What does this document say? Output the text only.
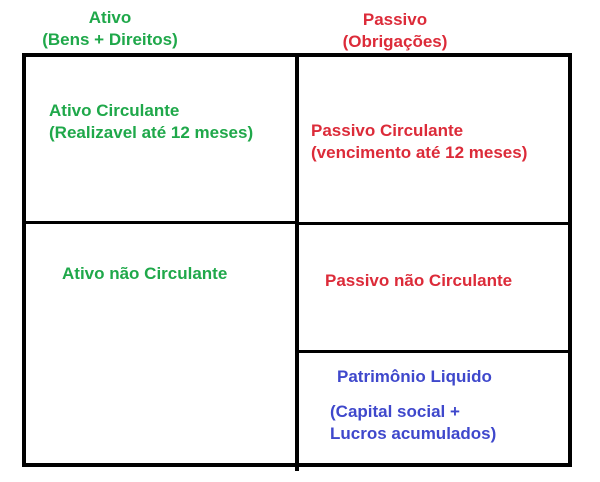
Ativo
(Bens + Direitos)
Passivo
(Obrigações)
Ativo Circulante
(Realizavel até 12 meses)
Ativo não Circulante
Passivo Circulante
(vencimento até 12 meses)
Passivo não Circulante
Patrimônio Liquido
(Capital social +
Lucros acumulados)
